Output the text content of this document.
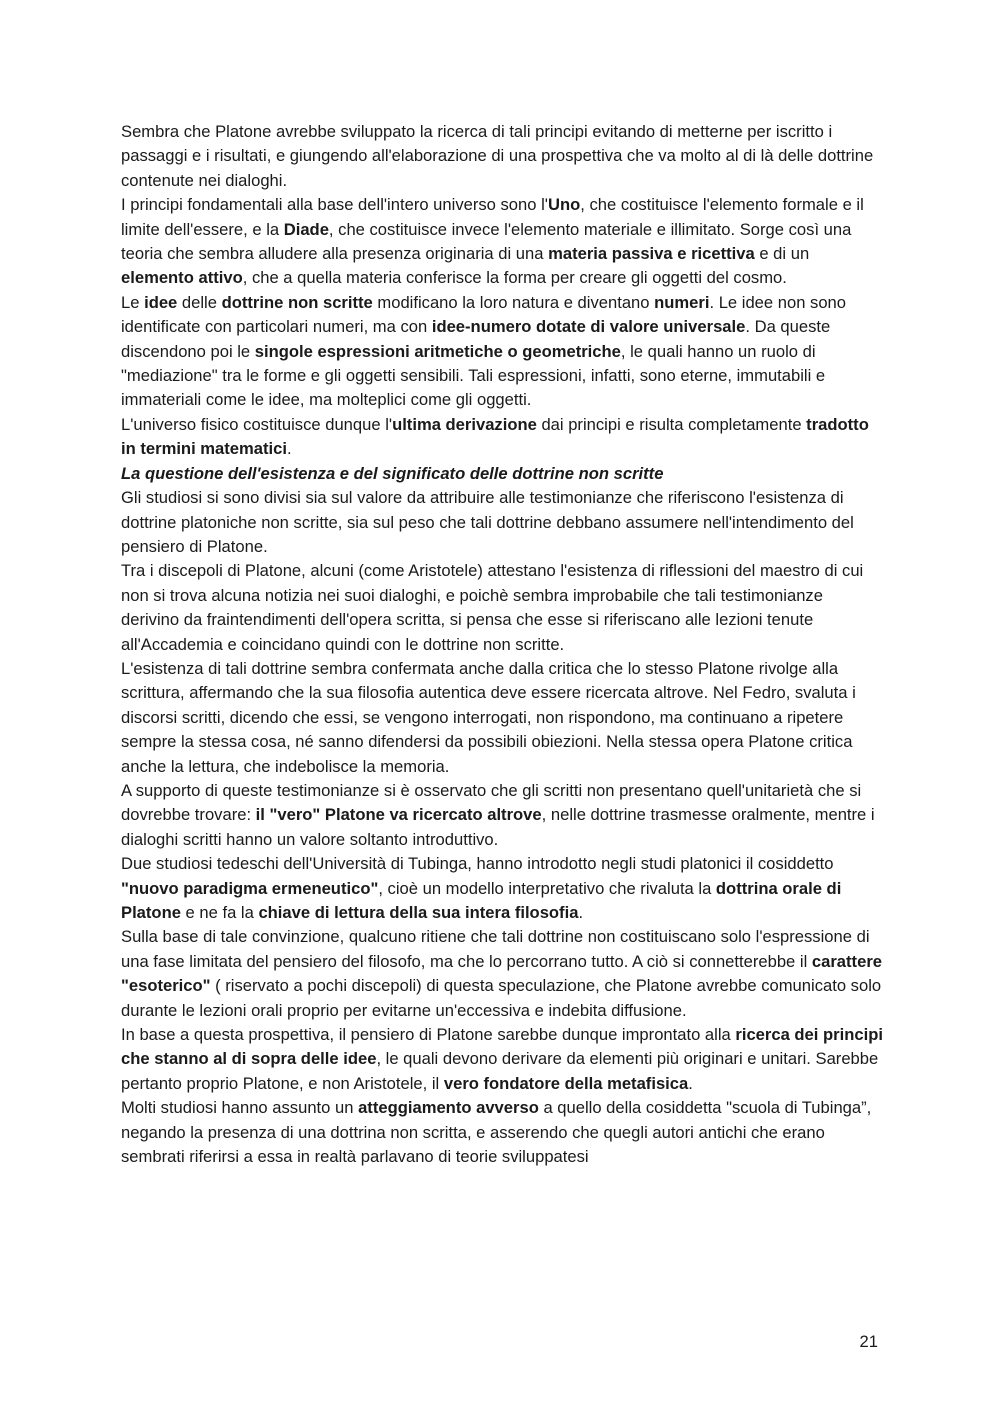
Sembra che Platone avrebbe sviluppato la ricerca di tali principi evitando di metterne per iscritto i passaggi e i risultati, e giungendo all'elaborazione di una prospettiva che va molto al di là delle dottrine contenute nei dialoghi.

I principi fondamentali alla base dell'intero universo sono l'Uno, che costituisce l'elemento formale e il limite dell'essere, e la Diade, che costituisce invece l'elemento materiale e illimitato. Sorge così una teoria che sembra alludere alla presenza originaria di una materia passiva e ricettiva e di un elemento attivo, che a quella materia conferisce la forma per creare gli oggetti del cosmo.

Le idee delle dottrine non scritte modificano la loro natura e diventano numeri. Le idee non sono identificate con particolari numeri, ma con idee-numero dotate di valore universale. Da queste discendono poi le singole espressioni aritmetiche o geometriche, le quali hanno un ruolo di "mediazione" tra le forme e gli oggetti sensibili. Tali espressioni, infatti, sono eterne, immutabili e immateriali come le idee, ma molteplici come gli oggetti.

L'universo fisico costituisce dunque l'ultima derivazione dai principi e risulta completamente tradotto in termini matematici.

La questione dell'esistenza e del significato delle dottrine non scritte

Gli studiosi si sono divisi sia sul valore da attribuire alle testimonianze che riferiscono l'esistenza di dottrine platoniche non scritte, sia sul peso che tali dottrine debbano assumere nell'intendimento del pensiero di Platone.

Tra i discepoli di Platone, alcuni (come Aristotele) attestano l'esistenza di riflessioni del maestro di cui non si trova alcuna notizia nei suoi dialoghi, e poichè sembra improbabile che tali testimonianze derivino da fraintendimenti dell'opera scritta, si pensa che esse si riferiscano alle lezioni tenute all'Accademia e coincidano quindi con le dottrine non scritte.

L'esistenza di tali dottrine sembra confermata anche dalla critica che lo stesso Platone rivolge alla scrittura, affermando che la sua filosofia autentica deve essere ricercata altrove. Nel Fedro, svaluta i discorsi scritti, dicendo che essi, se vengono interrogati, non rispondono, ma continuano a ripetere sempre la stessa cosa, né sanno difendersi da possibili obiezioni. Nella stessa opera Platone critica anche la lettura, che indebolisce la memoria.

A supporto di queste testimonianze si è osservato che gli scritti non presentano quell'unitarietà che si dovrebbe trovare: il "vero" Platone va ricercato altrove, nelle dottrine trasmesse oralmente, mentre i dialoghi scritti hanno un valore soltanto introduttivo.

Due studiosi tedeschi dell'Università di Tubinga, hanno introdotto negli studi platonici il cosiddetto "nuovo paradigma ermeneutico", cioè un modello interpretativo che rivaluta la dottrina orale di Platone e ne fa la chiave di lettura della sua intera filosofia.

Sulla base di tale convinzione, qualcuno ritiene che tali dottrine non costituiscano solo l'espressione di una fase limitata del pensiero del filosofo, ma che lo percorrano tutto. A ciò si connetterebbe il carattere "esoterico" ( riservato a pochi discepoli) di questa speculazione, che Platone avrebbe comunicato solo durante le lezioni orali proprio per evitarne un'eccessiva e indebita diffusione.

In base a questa prospettiva, il pensiero di Platone sarebbe dunque improntato alla ricerca dei principi che stanno al di sopra delle idee, le quali devono derivare da elementi più originari e unitari. Sarebbe pertanto proprio Platone, e non Aristotele, il vero fondatore della metafisica.

Molti studiosi hanno assunto un atteggiamento avverso a quello della cosiddetta "scuola di Tubinga”, negando la presenza di una dottrina non scritta, e asserendo che quegli autori antichi che erano sembrati riferirsi a essa in realtà parlavano di teorie sviluppatesi

21
